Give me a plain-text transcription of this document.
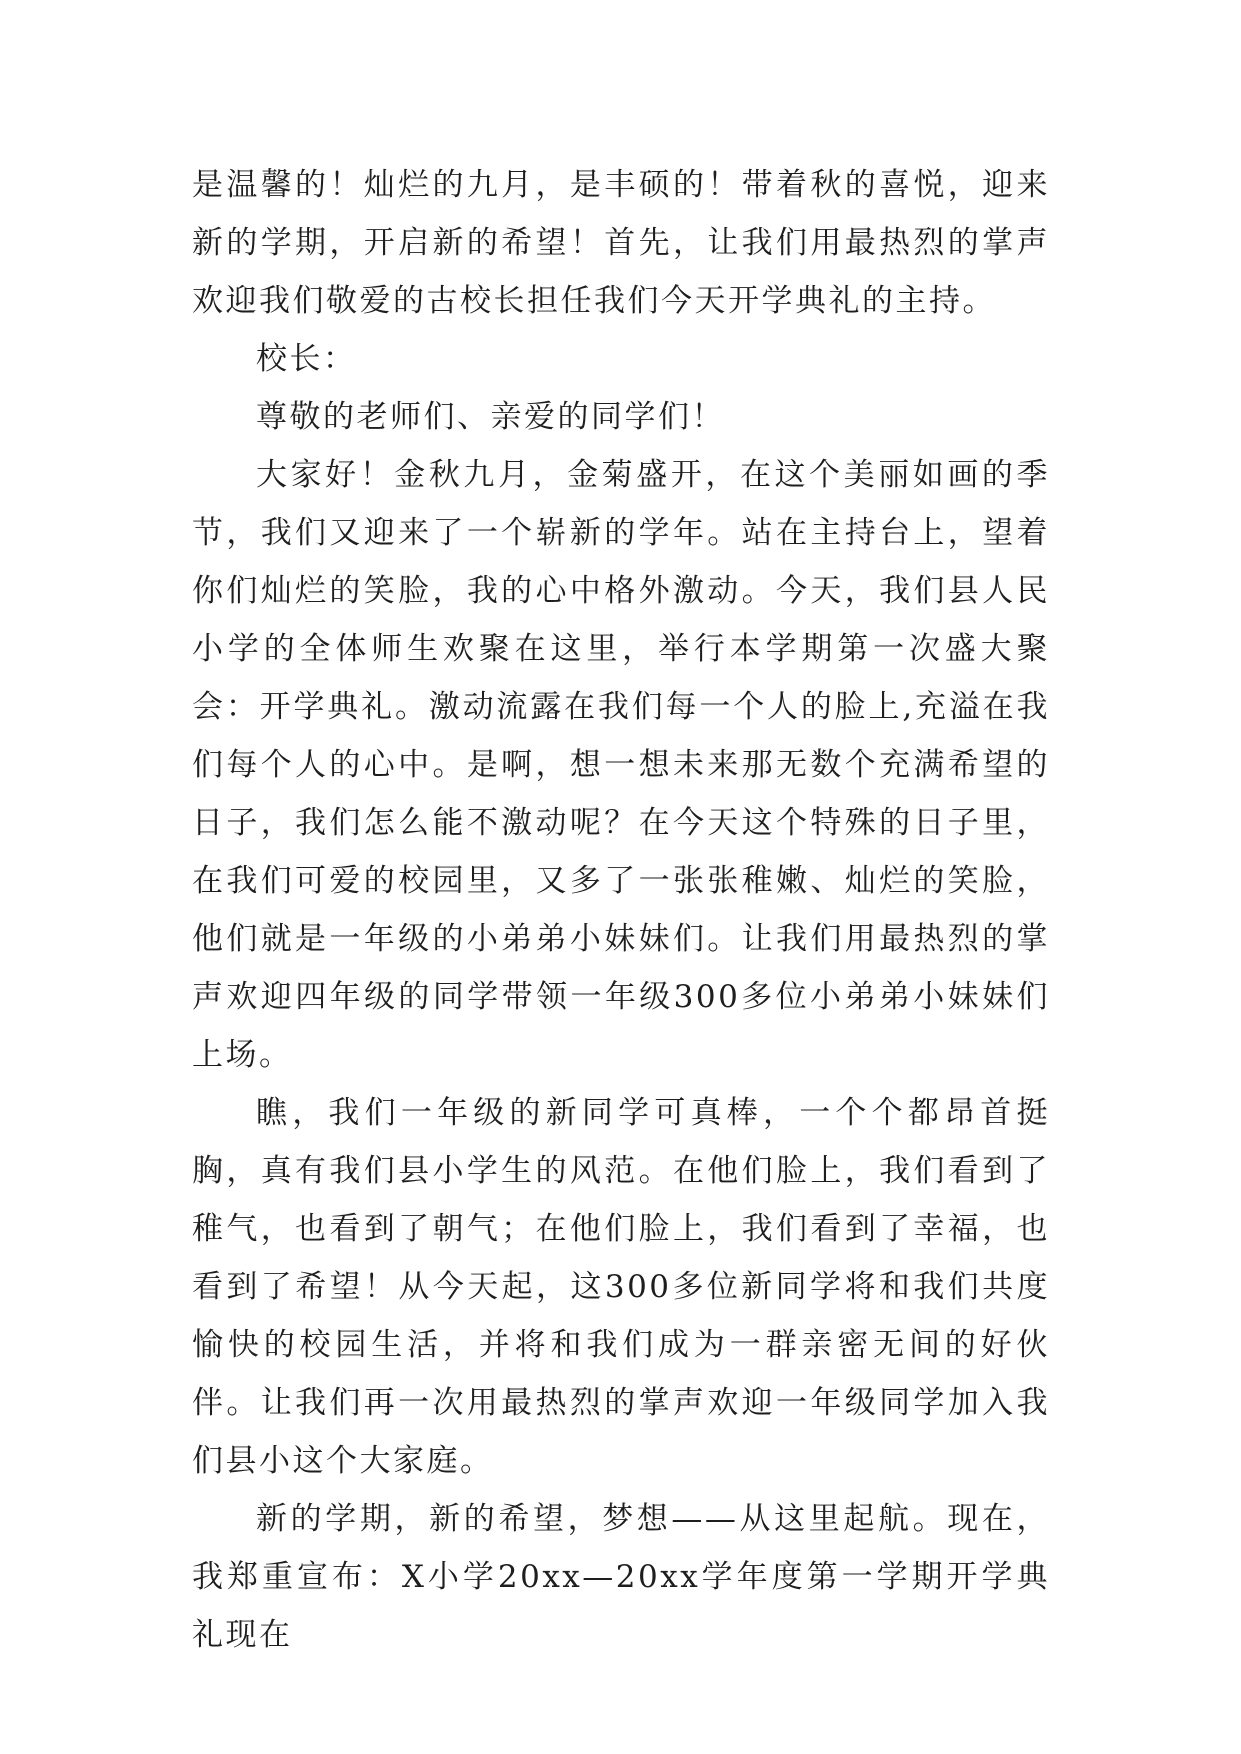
是温馨的！灿烂的九月，是丰硕的！带着秋的喜悦，迎来新的学期，开启新的希望！首先，让我们用最热烈的掌声欢迎我们敬爱的古校长担任我们今天开学典礼的主持。

校长：

尊敬的老师们、亲爱的同学们！

大家好！金秋九月，金菊盛开，在这个美丽如画的季节，我们又迎来了一个崭新的学年。站在主持台上，望着你们灿烂的笑脸，我的心中格外激动。今天，我们县人民小学的全体师生欢聚在这里，举行本学期第一次盛大聚会：开学典礼。激动流露在我们每一个人的脸上,充溢在我们每个人的心中。是啊，想一想未来那无数个充满希望的日子，我们怎么能不激动呢？在今天这个特殊的日子里，在我们可爱的校园里，又多了一张张稚嫩、灿烂的笑脸，他们就是一年级的小弟弟小妹妹们。让我们用最热烈的掌声欢迎四年级的同学带领一年级300多位小弟弟小妹妹们上场。

瞧，我们一年级的新同学可真棒，一个个都昂首挺胸，真有我们县小学生的风范。在他们脸上，我们看到了稚气，也看到了朝气；在他们脸上，我们看到了幸福，也看到了希望！从今天起，这300多位新同学将和我们共度愉快的校园生活，并将和我们成为一群亲密无间的好伙伴。让我们再一次用最热烈的掌声欢迎一年级同学加入我们县小这个大家庭。

新的学期，新的希望，梦想——从这里起航。现在，我郑重宣布：X小学20xx—20xx学年度第一学期开学典礼现在
